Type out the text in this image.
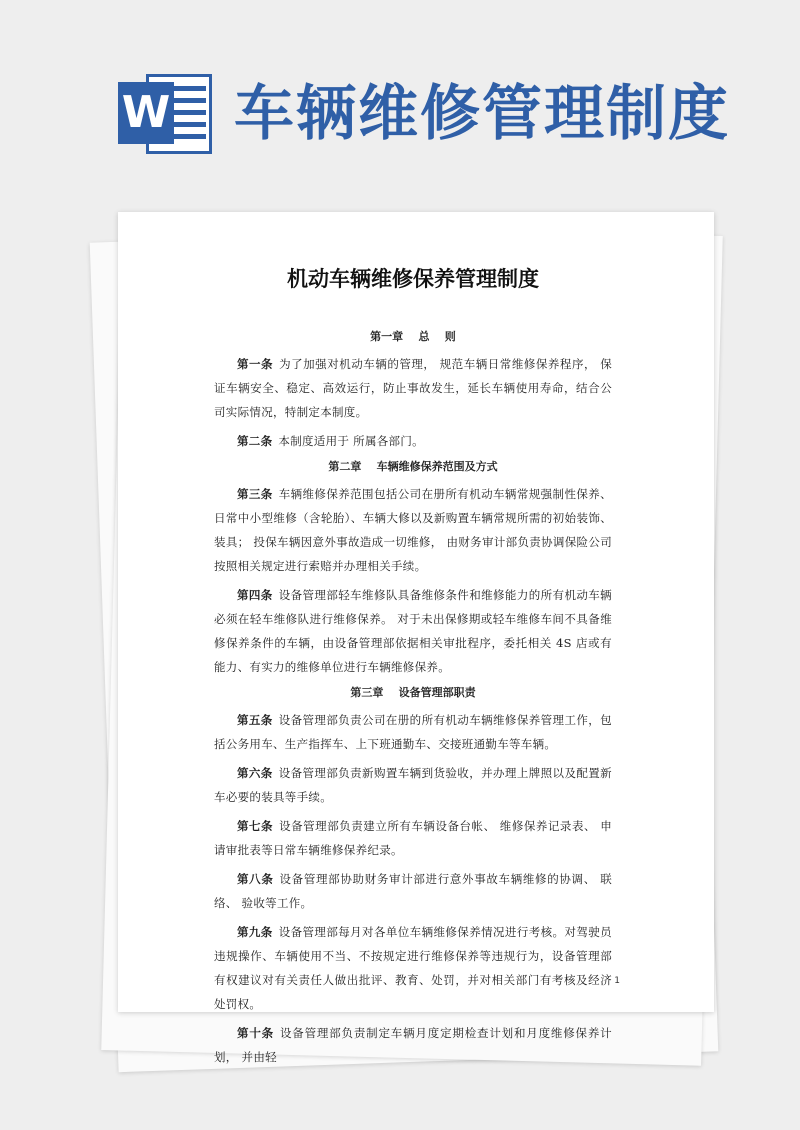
W 车辆维修管理制度
机动车辆维修保养管理制度
第一章    总    则

第一条 为了加强对机动车辆的管理， 规范车辆日常维修保养程序， 保证车辆安全、稳定、高效运行，防止事故发生，延长车辆使用寿命，结合公司实际情况，特制定本制度。

第二条 本制度适用于 所属各部门。

第二章    车辆维修保养范围及方式

第三条 车辆维修保养范围包括公司在册所有机动车辆常规强制性保养、 日常中小型维修（含轮胎）、车辆大修以及新购置车辆常规所需的初始装饰、 装具； 投保车辆因意外事故造成一切维修， 由财务审计部负责协调保险公司按照相关规定进行索赔并办理相关手续。

第四条 设备管理部轻车维修队具备维修条件和维修能力的所有机动车辆必须在轻车维修队进行维修保养。 对于未出保修期或轻车维修车间不具备维修保养条件的车辆，由设备管理部依据相关审批程序，委托相关 4S 店或有能力、有实力的维修单位进行车辆维修保养。

第三章    设备管理部职责

第五条 设备管理部负责公司在册的所有机动车辆维修保养管理工作，包括公务用车、生产指挥车、上下班通勤车、交接班通勤车等车辆。

第六条 设备管理部负责新购置车辆到货验收，并办理上牌照以及配置新车必要的装具等手续。

第七条 设备管理部负责建立所有车辆设备台帐、 维修保养记录表、 申请审批表等日常车辆维修保养纪录。

第八条 设备管理部协助财务审计部进行意外事故车辆维修的协调、 联络、 验收等工作。

第九条 设备管理部每月对各单位车辆维修保养情况进行考核。对驾驶员违规操作、车辆使用不当、不按规定进行维修保养等违规行为，设备管理部有权建议对有关责任人做出批评、教育、处罚，并对相关部门有考核及经济处罚权。

第十条 设备管理部负责制定车辆月度定期检查计划和月度维修保养计划， 并由轻

1
